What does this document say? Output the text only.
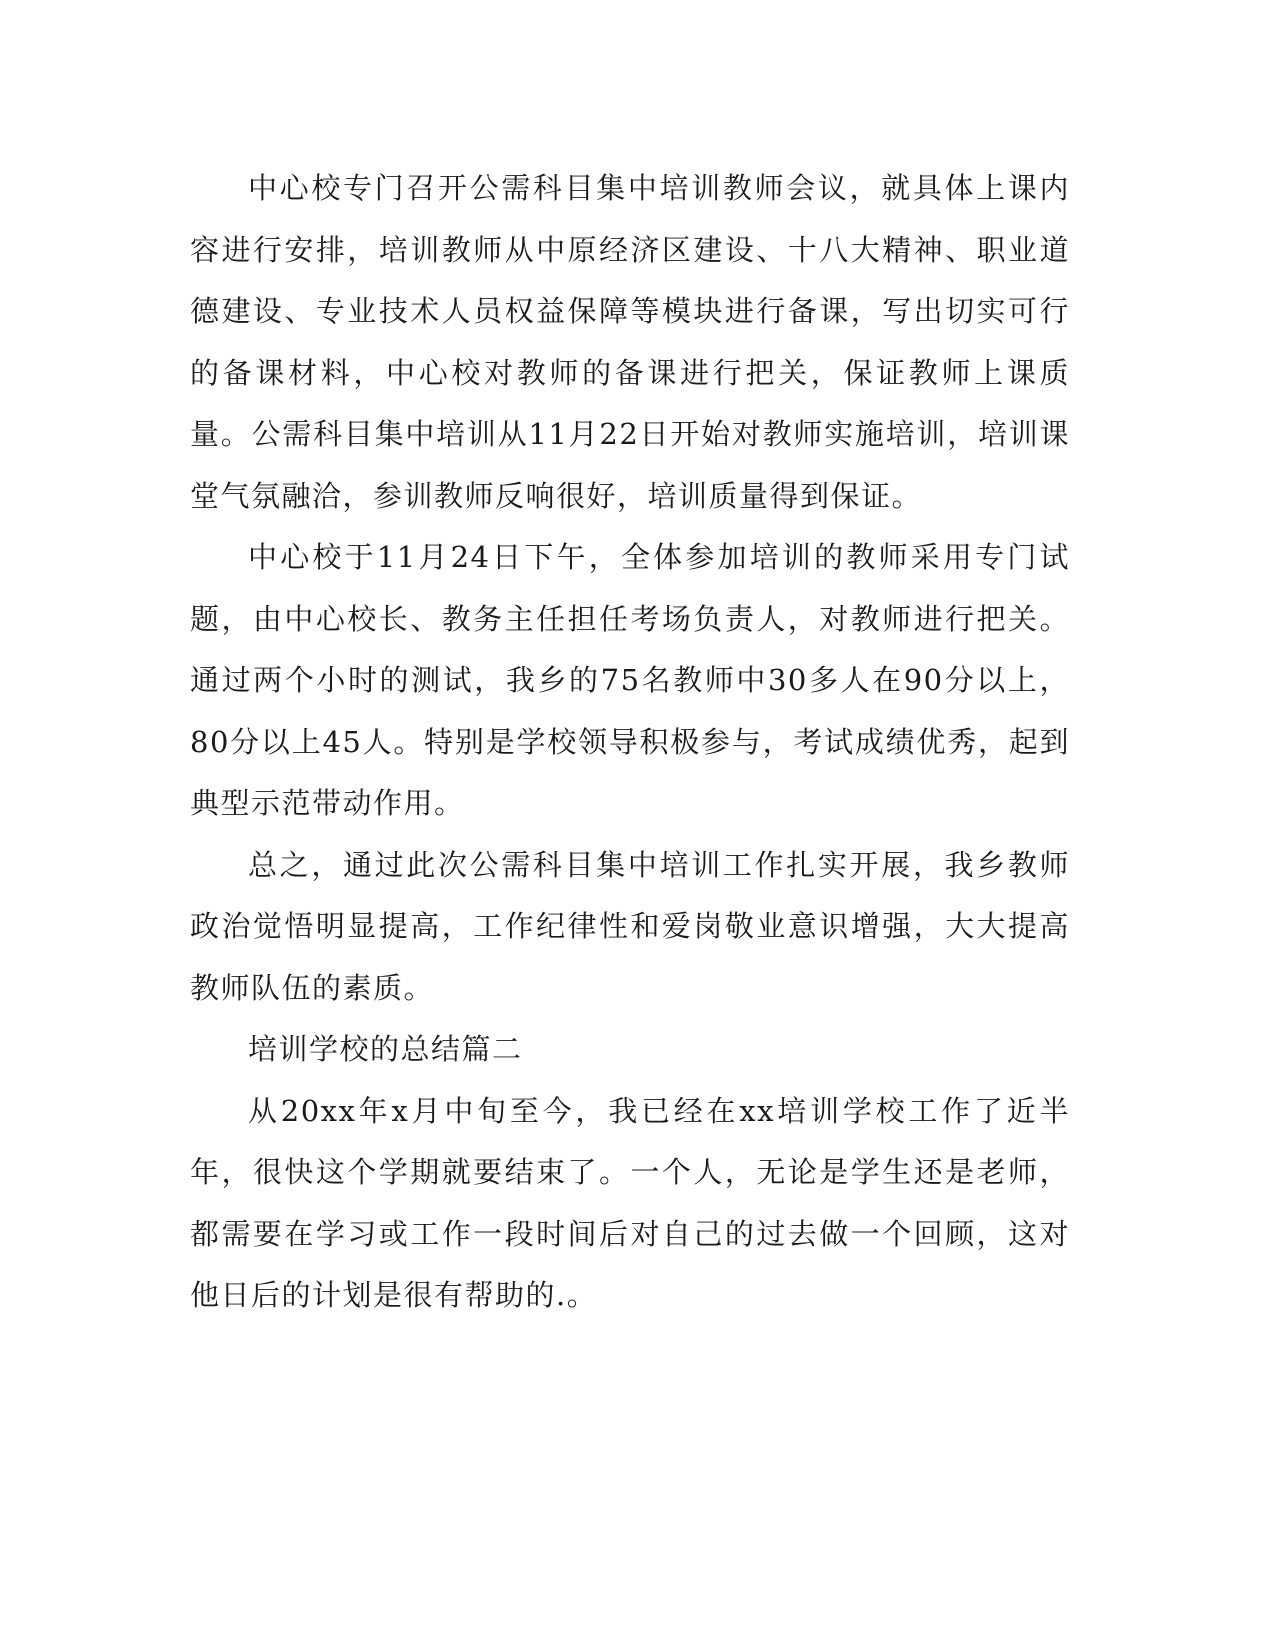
中心校专门召开公需科目集中培训教师会议，就具体上课内容进行安排，培训教师从中原经济区建设、十八大精神、职业道德建设、专业技术人员权益保障等模块进行备课，写出切实可行的备课材料，中心校对教师的备课进行把关，保证教师上课质量。公需科目集中培训从11月22日开始对教师实施培训，培训课堂气氛融洽，参训教师反响很好，培训质量得到保证。

中心校于11月24日下午，全体参加培训的教师采用专门试题，由中心校长、教务主任担任考场负责人，对教师进行把关。通过两个小时的测试，我乡的75名教师中30多人在90分以上，80分以上45人。特别是学校领导积极参与，考试成绩优秀，起到典型示范带动作用。

总之，通过此次公需科目集中培训工作扎实开展，我乡教师政治觉悟明显提高，工作纪律性和爱岗敬业意识增强，大大提高教师队伍的素质。

培训学校的总结篇二

从20xx年x月中旬至今，我已经在xx培训学校工作了近半年，很快这个学期就要结束了。一个人，无论是学生还是老师，都需要在学习或工作一段时间后对自己的过去做一个回顾，这对他日后的计划是很有帮助的.。
